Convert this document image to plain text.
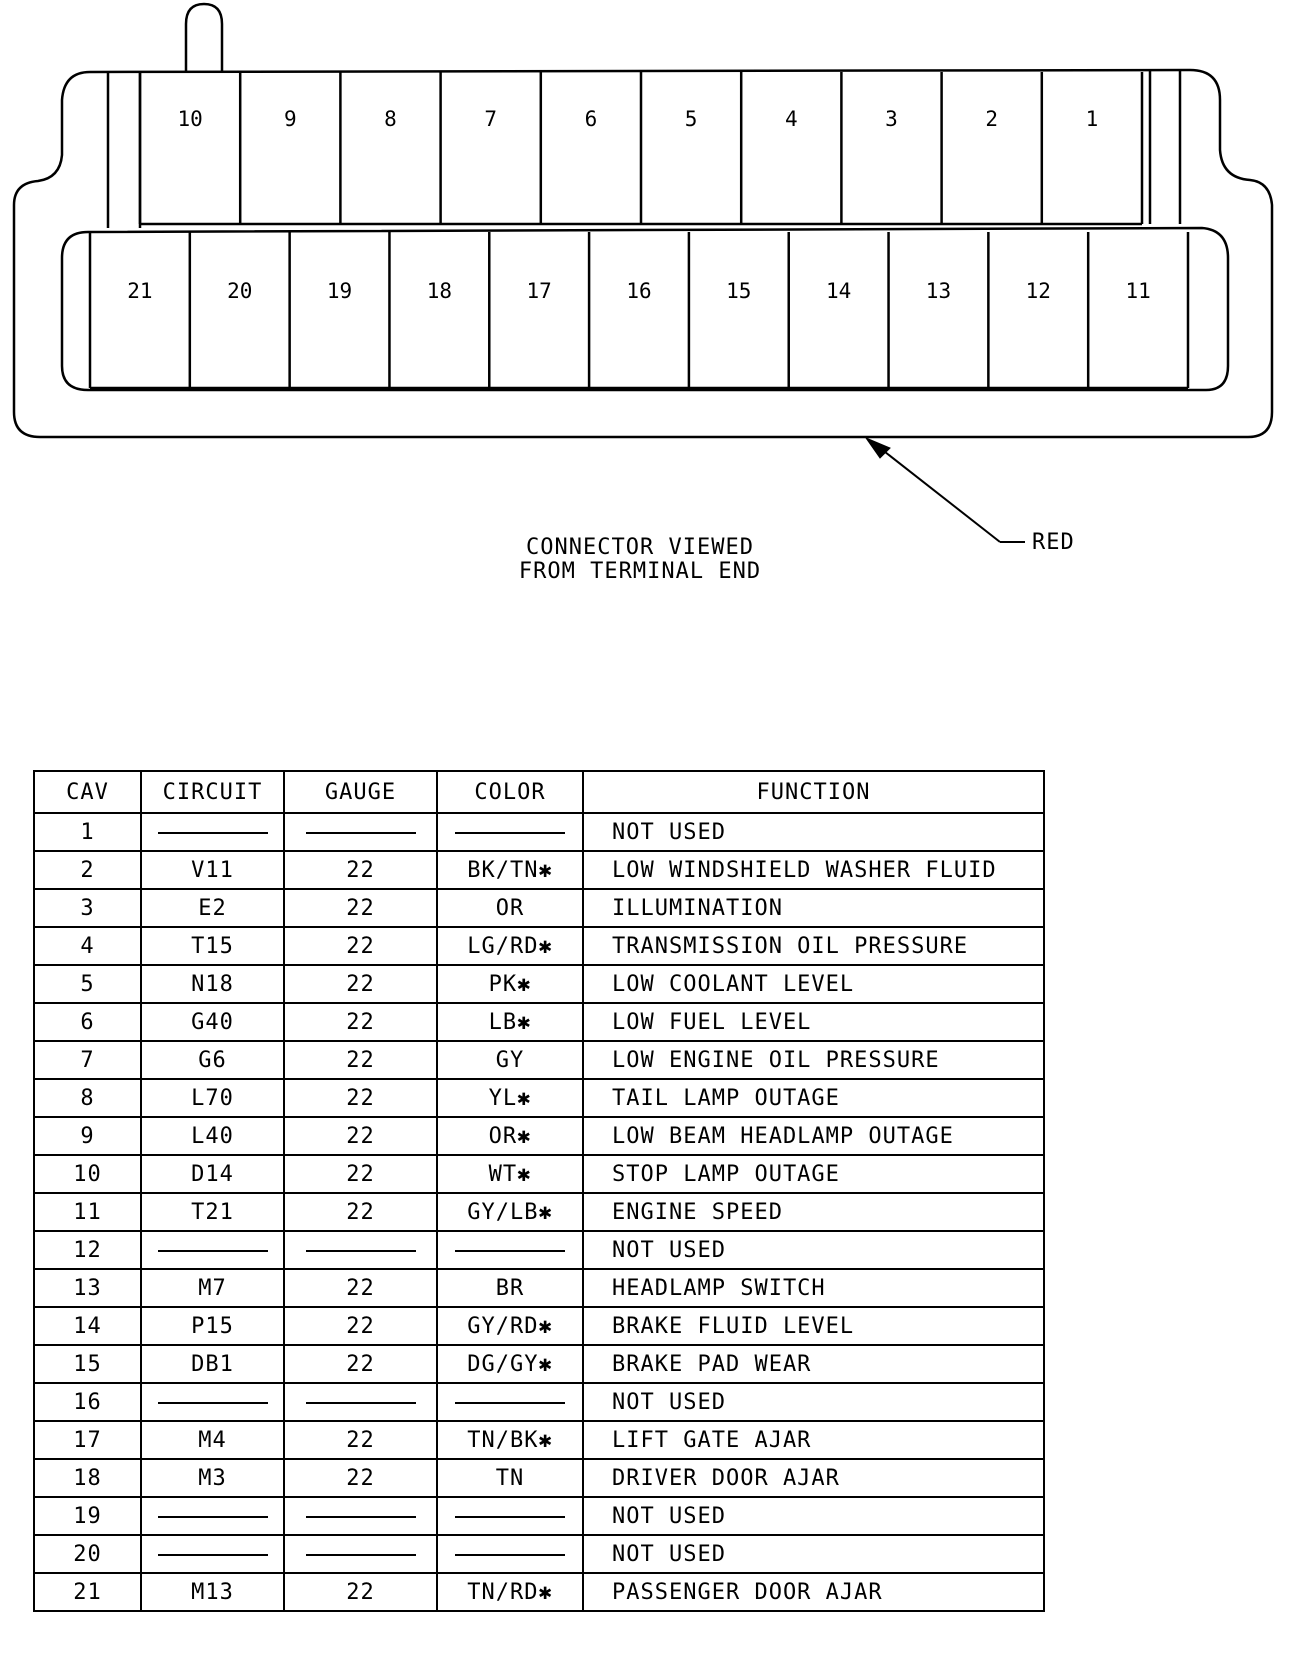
10	9	8	7	6	5	4	3	2	1
21	20	19	18	17	16	15	14	13	12	11
CONNECTOR VIEWED
FROM TERMINAL END
RED
CAV	CIRCUIT	GAUGE	COLOR	FUNCTION
1				NOT USED
2	V11	22	BK/TN✱	LOW WINDSHIELD WASHER FLUID
3	E2	22	OR	ILLUMINATION
4	T15	22	LG/RD✱	TRANSMISSION OIL PRESSURE
5	N18	22	PK✱	LOW COOLANT LEVEL
6	G40	22	LB✱	LOW FUEL LEVEL
7	G6	22	GY	LOW ENGINE OIL PRESSURE
8	L70	22	YL✱	TAIL LAMP OUTAGE
9	L40	22	OR✱	LOW BEAM HEADLAMP OUTAGE
10	D14	22	WT✱	STOP LAMP OUTAGE
11	T21	22	GY/LB✱	ENGINE SPEED
12				NOT USED
13	M7	22	BR	HEADLAMP SWITCH
14	P15	22	GY/RD✱	BRAKE FLUID LEVEL
15	DB1	22	DG/GY✱	BRAKE PAD WEAR
16				NOT USED
17	M4	22	TN/BK✱	LIFT GATE AJAR
18	M3	22	TN	DRIVER DOOR AJAR
19				NOT USED
20				NOT USED
21	M13	22	TN/RD✱	PASSENGER DOOR AJAR
